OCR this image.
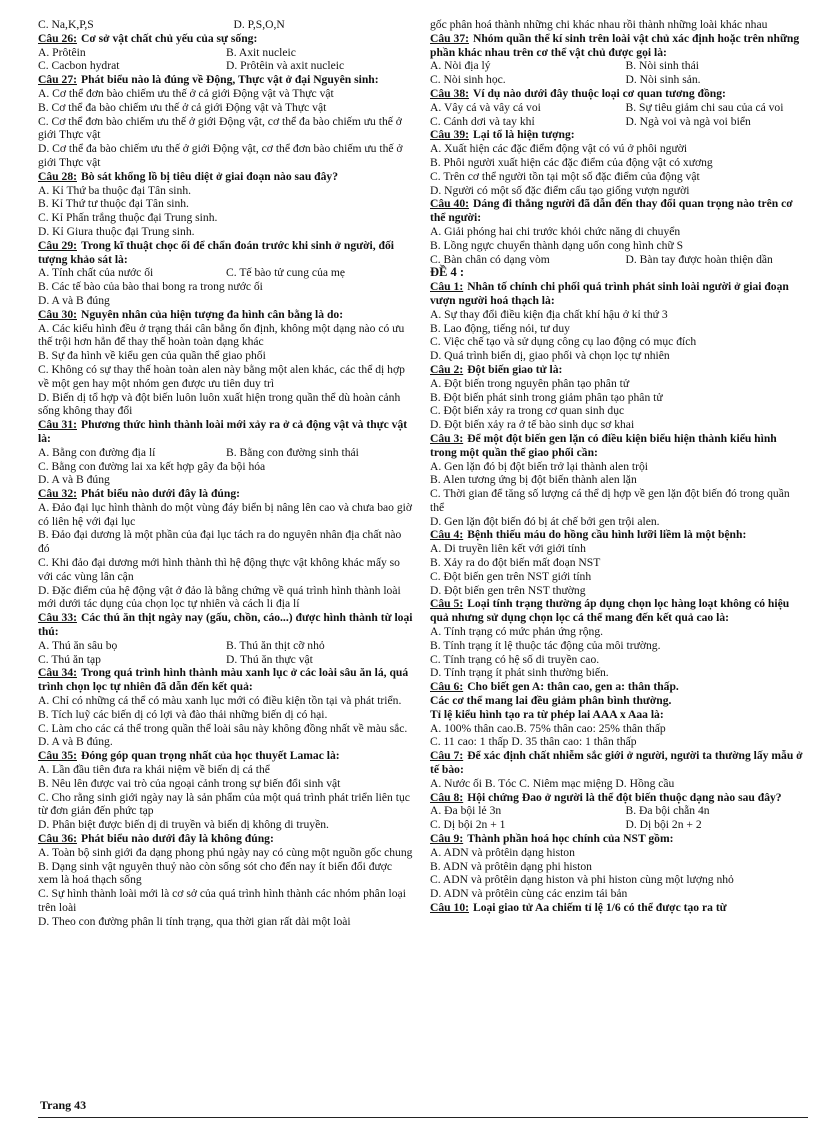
C. Na,K,P,S	D. P,S,O,N
Câu 26: Cơ sở vật chất chủ yếu của sự sống:
A. Prôtêin	B. Axit nucleic
C. Cacbon hydrat	D. Prôtêin và axit nucleic
Câu 27: Phát biểu nào là đúng về Động, Thực vật ở đại Nguyên sinh:
A. Cơ thể đơn bào chiếm ưu thế ở cả giới Động vật và Thực vật
B. Cơ thể đa bào chiếm ưu thế ở cả giới Động vật và Thực vật
C. Cơ thể đơn bào chiếm ưu thế ở giới Động vật, cơ thể đa bào chiếm ưu thế ở giới Thực vật
D. Cơ thể đa bào chiếm ưu thế ở giới Động vật, cơ thể đơn bào chiếm ưu thế ở giới Thực vật
Câu 28: Bò sát khổng lồ bị tiêu diệt ở giai đoạn nào sau đây?
A. Kỉ Thứ ba thuộc đại Tân sinh.
B. Kỉ Thứ tư thuộc đại Tân sinh.
C. Kỉ Phấn trắng thuộc đại Trung sinh.
D. Kỉ Giura thuộc đại Trung sinh.
Câu 29: Trong kĩ thuật chọc ối để chẩn đoán trước khi sinh ở người, đối tượng khảo sát là:
A. Tính chất của nước ối	C. Tế bào tử cung của mẹ
B. Các tế bào của bào thai bong ra trong nước ối
D. A và B đúng
Câu 30: Nguyên nhân của hiện tượng đa hình cân bằng là do:
A. Các kiểu hình đều ở trạng thái cân bằng ổn định, không một dạng nào có ưu thế trội hơn hẳn để thay thế hoàn toàn dạng khác
B. Sự đa hình về kiểu gen của quần thể giao phối
C. Không có sự thay thế hoàn toàn alen này bằng một alen khác, các thể dị hợp về một gen hay một nhóm gen được ưu tiên duy trì
D. Biến dị tổ hợp và đột biến luôn luôn xuất hiện trong quần thể dù hoàn cảnh sống không thay đổi
Câu 31: Phương thức hình thành loài mới xảy ra ở cả động vật và thực vật là:
A. Bằng con đường địa lí	B. Bằng con đường sinh thái
C. Bằng con đường lai xa kết hợp gây đa bội hóa
D. A và B đúng
Câu 32: Phát biểu nào dưới đây là đúng:
A. Đảo đại lục hình thành do một vùng đáy biển bị nâng lên cao và chưa bao giờ có liên hệ với đại lục
B. Đảo đại dương là một phần của đại lục tách ra do nguyên nhân địa chất nào đó
C. Khi đảo đại dương mới hình thành thì hệ động thực vật không khác mấy so với các vùng lân cận
D. Đặc điểm của hệ động vật ở đảo là bằng chứng về quá trình hình thành loài mới dưới tác dụng của chọn lọc tự nhiên và cách li địa lí
Câu 33: Các thú ăn thịt ngày nay (gấu, chồn, cáo...) được hình thành từ loại thú:
A. Thú ăn sâu bọ	B. Thú ăn thịt cỡ nhỏ
C. Thú ăn tạp	D. Thú ăn thực vật
Câu 34: Trong quá trình hình thành màu xanh lục ở các loài sâu ăn lá, quá trình chọn lọc tự nhiên đã dẫn đến kết quả:
A. Chỉ có những cá thể có màu xanh lục mới có điều kiện tồn tại và phát triển.
B. Tích luỹ các biến dị có lợi và đào thải những biến dị có hại.
C. Làm cho các cá thể trong quần thể loài sâu này không đồng nhất về màu sắc. D. A và B đúng.
Câu 35: Đóng góp quan trọng nhất của học thuyết Lamac là:
A. Lần đầu tiên đưa ra khái niệm về biến dị cá thể
B. Nêu lên được vai trò của ngoại cảnh trong sự biến đổi sinh vật
C. Cho rằng sinh giới ngày nay là sản phẩm của một quá trình phát triển liên tục từ đơn giản đến phức tạp
D. Phân biệt được biến dị di truyền và biến dị không di truyền.
Câu 36: Phát biểu nào dưới đây là không đúng:
A. Toàn bộ sinh giới đa dạng phong phú ngày nay có cùng một nguồn gốc chung
B. Dạng sinh vật nguyên thuỷ nào còn sống sót cho đến nay ít biến đổi được xem là hoá thạch sống
C. Sự hình thành loài mới là cơ sở của quá trình hình thành các nhóm phân loại trên loài
D. Theo con đường phân li tính trạng, qua thời gian rất dài một loài
gốc phân hoá thành những chi khác nhau rồi thành những loài khác nhau
Câu 37: Nhóm quần thể kí sinh trên loài vật chủ xác định hoặc trên những phần khác nhau trên cơ thể vật chủ được gọi là:
A. Nòi địa lý	B. Nòi sinh thái
C. Nòi sinh học.	D. Nòi sinh sản.
Câu 38: Ví dụ nào dưới đây thuộc loại cơ quan tương đồng:
A. Vây cá và vây cá voi	B. Sự tiêu giảm chi sau của cá voi
C. Cánh dơi và tay khỉ	D. Ngà voi và ngà voi biển
Câu 39: Lại tổ là hiện tượng:
A. Xuất hiện các đặc điểm động vật có vú ở phôi người
B. Phôi người xuất hiện các đặc điểm của động vật có xương
C. Trên cơ thể người tồn tại một số đặc điểm của động vật
D. Người có một số đặc điểm cấu tạo giống vượn người
Câu 40: Dáng đi thẳng người đã dẫn đến thay đổi quan trọng nào trên cơ thể người:
A. Giải phóng hai chi trước khỏi chức năng di chuyển
B. Lồng ngực chuyển thành dạng uốn cong hình chữ S
C. Bàn chân có dạng vòm	D. Bàn tay được hoàn thiện dần
ĐỀ 4 :
Câu 1: Nhân tố chính chi phối quá trình phát sinh loài người ở giai đoạn vượn người hoá thạch là:
A. Sự thay đổi điều kiện địa chất khí hậu ở kỉ thứ 3
B. Lao động, tiếng nói, tư duy
C. Việc chế tạo và sử dụng công cụ lao động có mục đích
D. Quá trình biến dị, giao phối và chọn lọc tự nhiên
Câu 2: Đột biến giao tử là:
A. Đột biến trong nguyên phân tạo phân tử
B. Đột biến phát sinh trong giảm phân tạo phân tử
C. Đột biến xảy ra trong cơ quan sinh dục
D. Đột biến xảy ra ở tế bào sinh dục sơ khai
Câu 3: Để một đột biến gen lặn có điều kiện biểu hiện thành kiểu hình trong một quần thể giao phối cần:
A. Gen lặn đó bị đột biến trở lại thành alen trội
B. Alen tương ứng bị đột biến thành alen lặn
C. Thời gian để tăng số lượng cá thể dị hợp về gen lặn đột biến đó trong quần thể
D. Gen lặn đột biến đó bị át chế bởi gen trội alen.
Câu 4: Bệnh thiếu máu do hồng cầu hình lưỡi liềm là một bệnh:
A. Di truyền liên kết với giới tính
B. Xảy ra do đột biến mất đoạn NST
C. Đột biến gen trên NST giới tính
D. Đột biến gen trên NST thường
Câu 5: Loại tính trạng thường áp dụng chọn lọc hàng loạt không có hiệu quả nhưng sử dụng chọn lọc cá thể mang đến kết quả cao là:
A. Tính trạng có mức phản ứng rộng.
B. Tính trạng ít lệ thuộc tác động của môi trường.
C. Tính trạng có hệ số di truyền cao.
D. Tính trạng ít phát sinh thường biến.
Câu 6: Cho biết gen A: thân cao, gen a: thân thấp.
Các cơ thể mang lai đều giảm phân bình thường.
Tỉ lệ kiểu hình tạo ra từ phép lai AAA x Aaa là:
A. 100% thân cao.B. 75% thân cao: 25% thân thấp
C. 11 cao: 1 thấp D. 35 thân cao: 1 thân thấp
Câu 7: Để xác định chất nhiễm sắc giới ở người, người ta thường lấy mẫu ở tế bào:
A. Nước ối B. Tóc C. Niêm mạc miệng D. Hồng cầu
Câu 8: Hội chứng Đao ở người là thể đột biến thuộc dạng nào sau đây?
A. Đa bội lẻ 3n	B. Đa bội chẵn 4n
C. Dị bội 2n + 1	D. Dị bội 2n + 2
Câu 9: Thành phần hoá học chính của NST gồm:
A. ADN và prôtêin dạng histon
B. ADN và prôtêin dạng phi histon
C. ADN và prôtêin dạng histon và phi histon cùng một lượng nhỏ
D. ADN và prôtêin cùng các enzim tái bản
Câu 10: Loại giao tử Aa chiếm tỉ lệ 1/6 có thể được tạo ra từ
Trang 43
